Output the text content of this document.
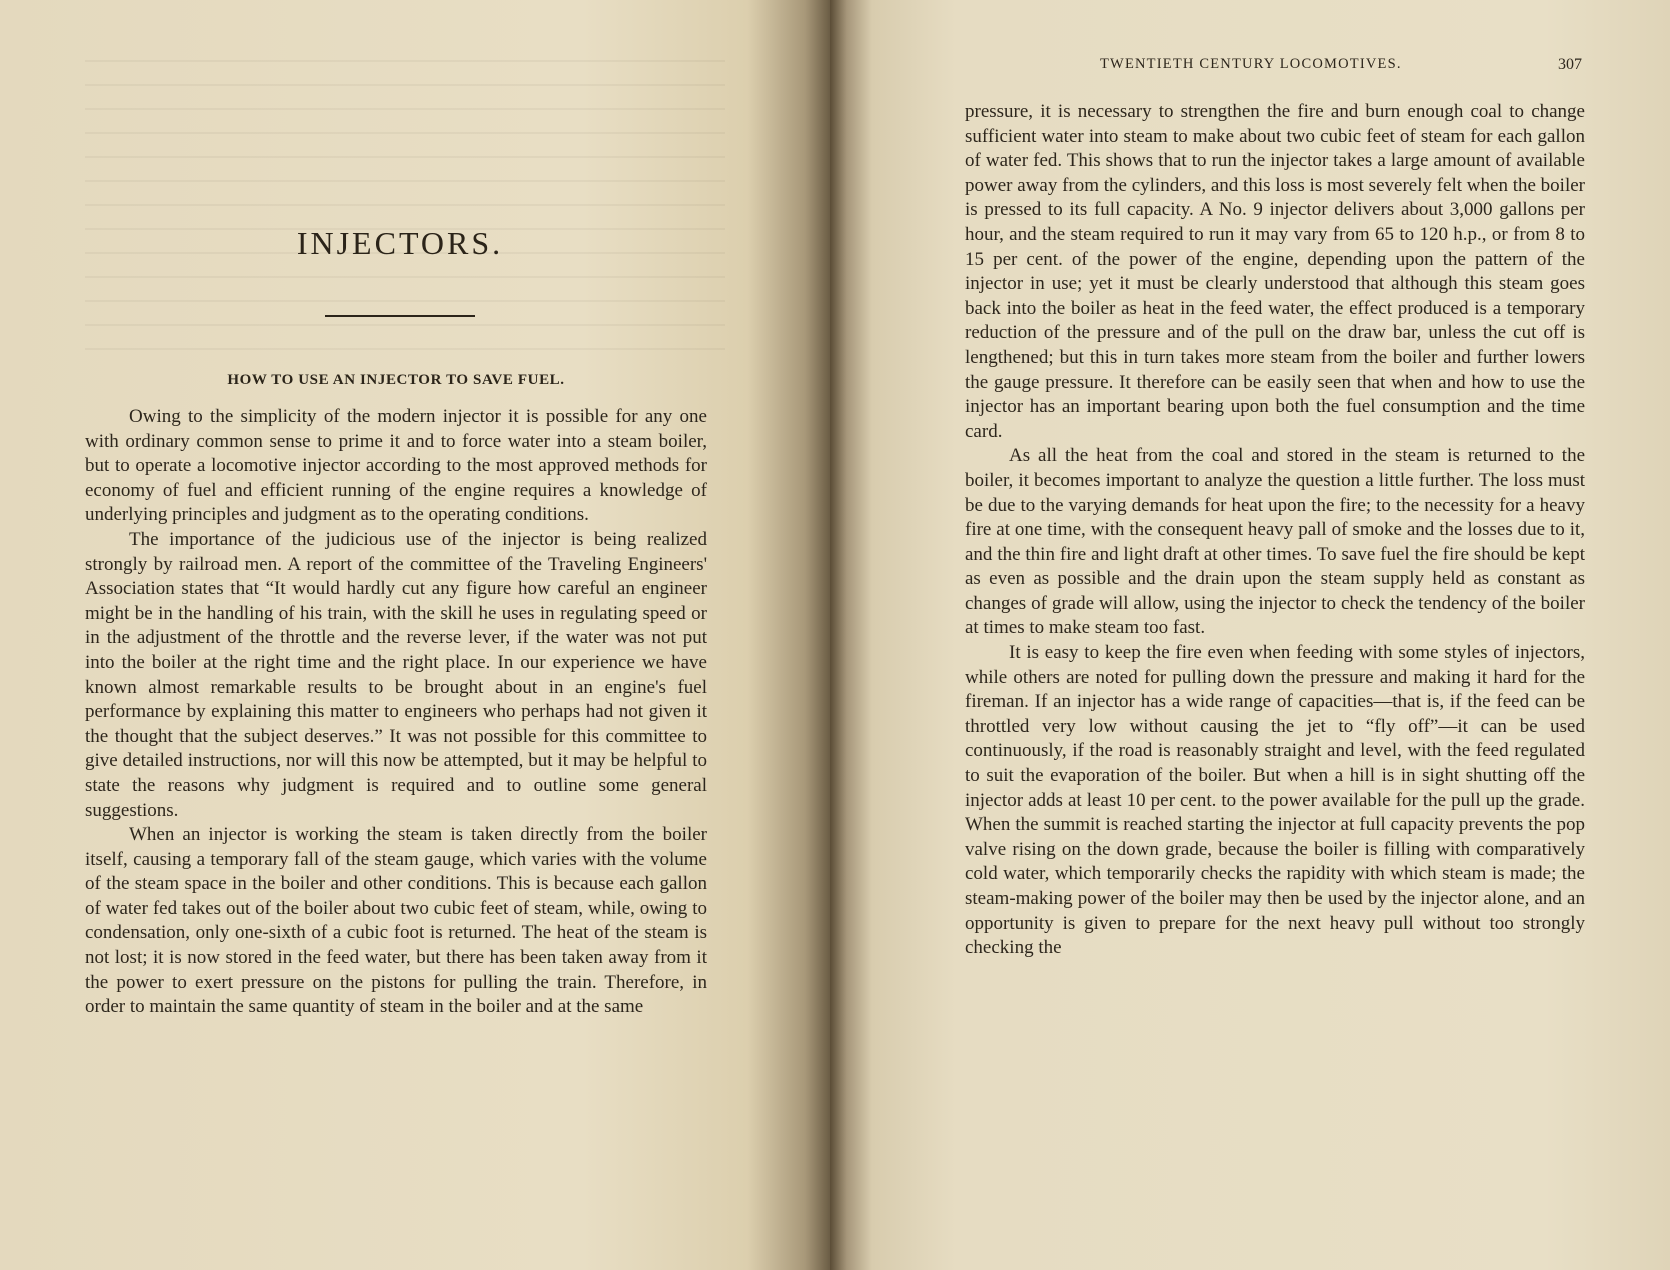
INJECTORS.
HOW TO USE AN INJECTOR TO SAVE FUEL.

Owing to the simplicity of the modern injector it is possible for any one with ordinary common sense to prime it and to force water into a steam boiler, but to operate a locomotive injector according to the most approved methods for economy of fuel and efficient running of the engine requires a knowledge of underlying principles and judgment as to the operating conditions.

The importance of the judicious use of the injector is being realized strongly by railroad men. A report of the committee of the Traveling Engineers' Association states that “It would hardly cut any figure how careful an engineer might be in the handling of his train, with the skill he uses in regulating speed or in the adjustment of the throttle and the reverse lever, if the water was not put into the boiler at the right time and the right place. In our experience we have known almost remarkable results to be brought about in an engine's fuel performance by explaining this matter to engineers who perhaps had not given it the thought that the subject deserves.” It was not possible for this committee to give detailed instructions, nor will this now be attempted, but it may be helpful to state the reasons why judgment is required and to outline some general suggestions.

When an injector is working the steam is taken directly from the boiler itself, causing a temporary fall of the steam gauge, which varies with the volume of the steam space in the boiler and other conditions. This is because each gallon of water fed takes out of the boiler about two cubic feet of steam, while, owing to condensation, only one-sixth of a cubic foot is returned. The heat of the steam is not lost; it is now stored in the feed water, but there has been taken away from it the power to exert pressure on the pistons for pulling the train. Therefore, in order to maintain the same quantity of steam in the boiler and at the same

TWENTIETH CENTURY LOCOMOTIVES.	307

pressure, it is necessary to strengthen the fire and burn enough coal to change sufficient water into steam to make about two cubic feet of steam for each gallon of water fed. This shows that to run the injector takes a large amount of available power away from the cylinders, and this loss is most severely felt when the boiler is pressed to its full capacity. A No. 9 injector delivers about 3,000 gallons per hour, and the steam required to run it may vary from 65 to 120 h.p., or from 8 to 15 per cent. of the power of the engine, depending upon the pattern of the injector in use; yet it must be clearly understood that although this steam goes back into the boiler as heat in the feed water, the effect produced is a temporary reduction of the pressure and of the pull on the draw bar, unless the cut off is lengthened; but this in turn takes more steam from the boiler and further lowers the gauge pressure. It therefore can be easily seen that when and how to use the injector has an important bearing upon both the fuel consumption and the time card.

As all the heat from the coal and stored in the steam is returned to the boiler, it becomes important to analyze the question a little further. The loss must be due to the varying demands for heat upon the fire; to the necessity for a heavy fire at one time, with the consequent heavy pall of smoke and the losses due to it, and the thin fire and light draft at other times. To save fuel the fire should be kept as even as possible and the drain upon the steam supply held as constant as changes of grade will allow, using the injector to check the tendency of the boiler at times to make steam too fast.

It is easy to keep the fire even when feeding with some styles of injectors, while others are noted for pulling down the pressure and making it hard for the fireman. If an injector has a wide range of capacities—that is, if the feed can be throttled very low without causing the jet to “fly off”—it can be used continuously, if the road is reasonably straight and level, with the feed regulated to suit the evaporation of the boiler. But when a hill is in sight shutting off the injector adds at least 10 per cent. to the power available for the pull up the grade. When the summit is reached starting the injector at full capacity prevents the pop valve rising on the down grade, because the boiler is filling with comparatively cold water, which temporarily checks the rapidity with which steam is made; the steam-making power of the boiler may then be used by the injector alone, and an opportunity is given to prepare for the next heavy pull without too strongly checking the
